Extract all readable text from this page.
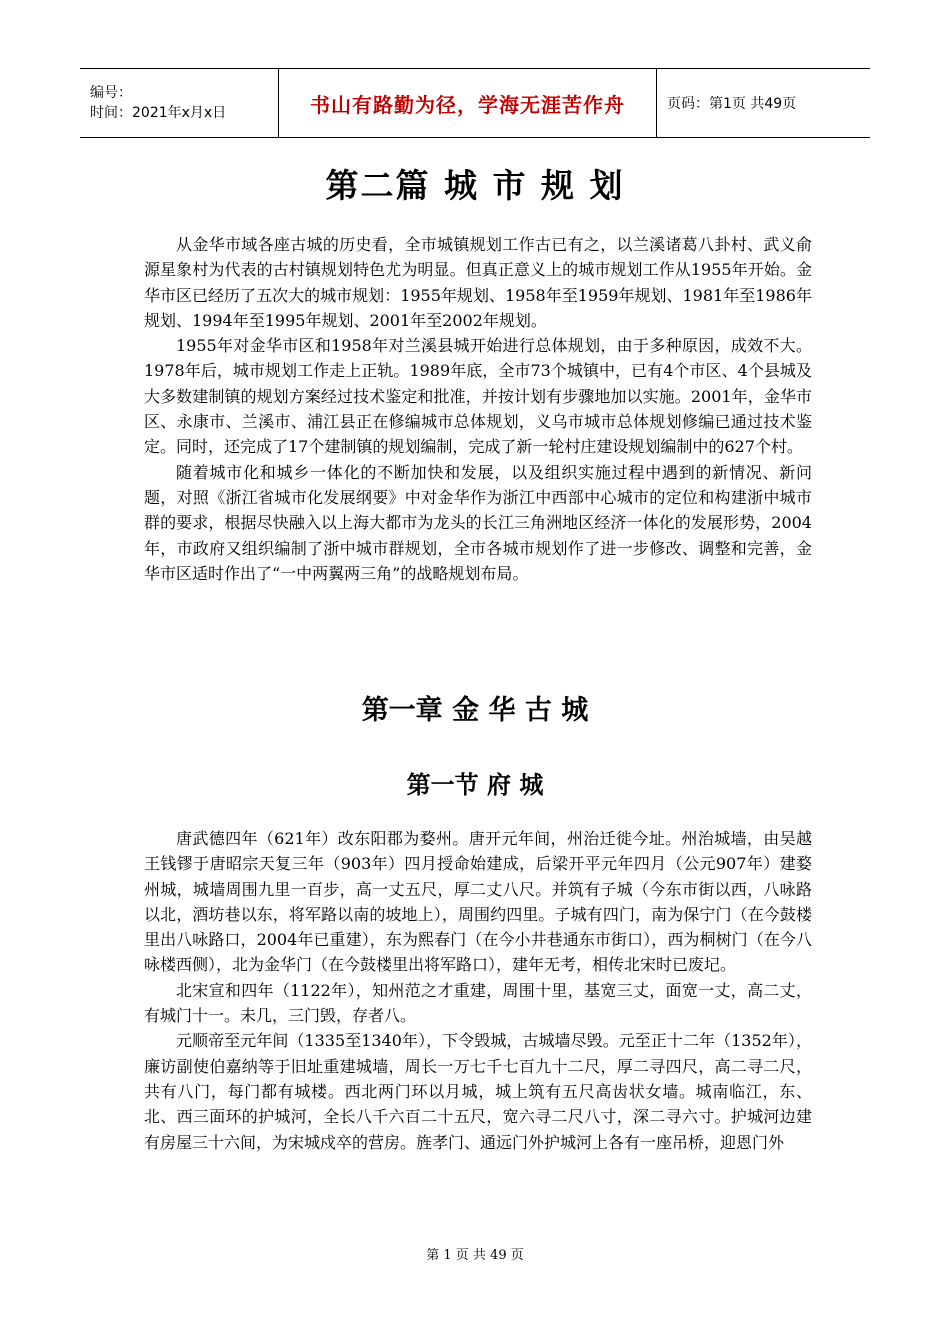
编号：
时间：2021年x月x日	书山有路勤为径，学海无涯苦作舟	页码：第1页 共49页
第二篇 城 市 规 划

从金华市域各座古城的历史看，全市城镇规划工作古已有之，以兰溪诸葛八卦村、武义俞源星象村为代表的古村镇规划特色尤为明显。但真正意义上的城市规划工作从1955年开始。金华市区已经历了五次大的城市规划：1955年规划、1958年至1959年规划、1981年至1986年规划、1994年至1995年规划、2001年至2002年规划。

1955年对金华市区和1958年对兰溪县城开始进行总体规划，由于多种原因，成效不大。1978年后，城市规划工作走上正轨。1989年底，全市73个城镇中，已有4个市区、4个县城及大多数建制镇的规划方案经过技术鉴定和批准，并按计划有步骤地加以实施。2001年，金华市区、永康市、兰溪市、浦江县正在修编城市总体规划，义乌市城市总体规划修编已通过技术鉴定。同时，还完成了17个建制镇的规划编制，完成了新一轮村庄建设规划编制中的627个村。

随着城市化和城乡一体化的不断加快和发展，以及组织实施过程中遇到的新情况、新问题，对照《浙江省城市化发展纲要》中对金华作为浙江中西部中心城市的定位和构建浙中城市群的要求，根据尽快融入以上海大都市为龙头的长江三角洲地区经济一体化的发展形势，2004年，市政府又组织编制了浙中城市群规划，全市各城市规划作了进一步修改、调整和完善，金华市区适时作出了“一中两翼两三角”的战略规划布局。

第一章 金 华 古 城
第一节 府 城

唐武德四年（621年）改东阳郡为婺州。唐开元年间，州治迁徙今址。州治城墙，由吴越王钱镠于唐昭宗天复三年（903年）四月授命始建成，后梁开平元年四月（公元907年）建婺州城，城墙周围九里一百步，高一丈五尺，厚二丈八尺。并筑有子城（今东市街以西，八咏路以北，酒坊巷以东，将军路以南的坡地上），周围约四里。子城有四门，南为保宁门（在今鼓楼里出八咏路口，2004年已重建），东为熙春门（在今小井巷通东市街口），西为桐树门（在今八咏楼西侧），北为金华门（在今鼓楼里出将军路口），建年无考，相传北宋时已废圮。

北宋宣和四年（1122年），知州范之才重建，周围十里，基宽三丈，面宽一丈，高二丈，有城门十一。未几，三门毁，存者八。

元顺帝至元年间（1335至1340年），下令毁城，古城墙尽毁。元至正十二年（1352年），廉访副使伯嘉纳等于旧址重建城墙，周长一万七千七百九十二尺，厚二寻四尺，高二寻二尺，共有八门，每门都有城楼。西北两门环以月城，城上筑有五尺高齿状女墙。城南临江，东、北、西三面环的护城河，全长八千六百二十五尺，宽六寻二尺八寸，深二寻六寸。护城河边建有房屋三十六间，为宋城戍卒的营房。旌孝门、通远门外护城河上各有一座吊桥，迎恩门外

第 1 页 共 49 页
